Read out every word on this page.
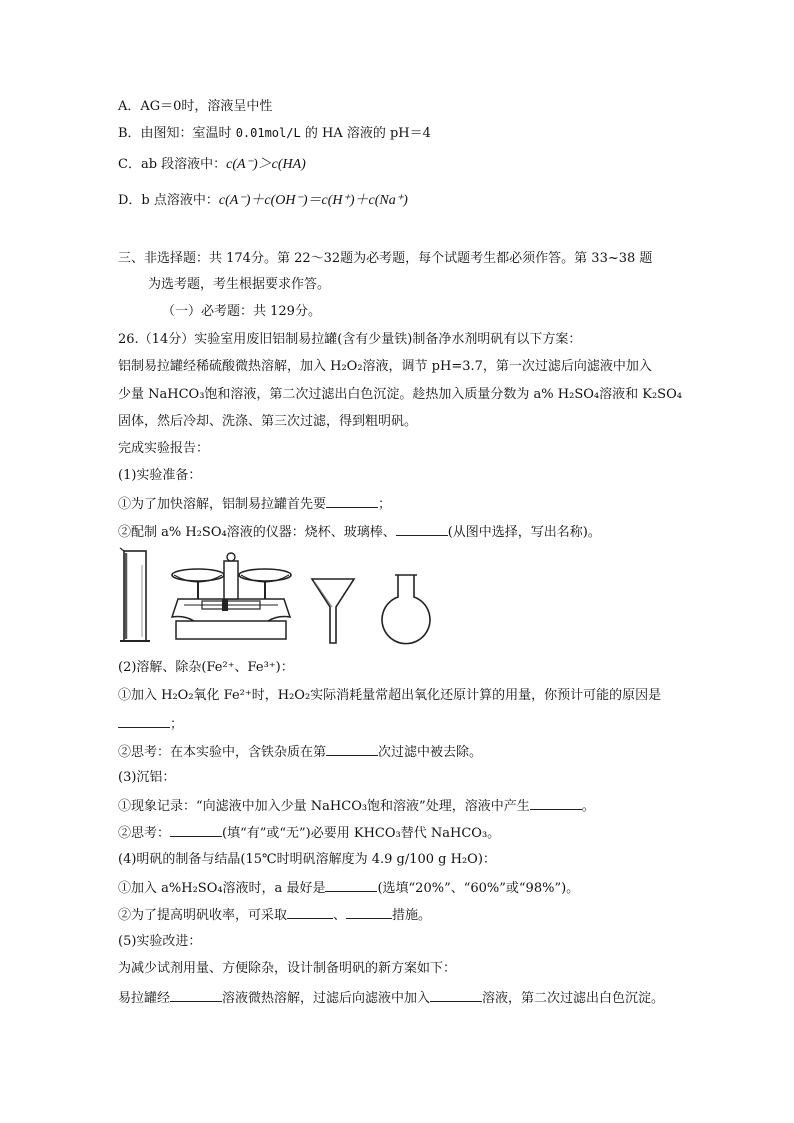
A．AG＝0时，溶液呈中性
B．由图知：室温时 0.01mol/L 的 HA 溶液的 pH＝4
C．ab 段溶液中：c(A⁻)＞c(HA)
D．b 点溶液中：c(A⁻)＋c(OH⁻)＝c(H⁺)＋c(Na⁺)
三、非选择题：共 174分。第 22～32题为必考题，每个试题考生都必须作答。第 33~38 题
为选考题，考生根据要求作答。
（一）必考题：共 129分。
26.（14分）实验室用废旧铝制易拉罐(含有少量铁)制备净水剂明矾有以下方案：
铝制易拉罐经稀硫酸微热溶解，加入 H₂O₂溶液，调节 pH=3.7，第一次过滤后向滤液中加入
少量 NaHCO₃饱和溶液，第二次过滤出白色沉淀。趁热加入质量分数为 a% H₂SO₄溶液和 K₂SO₄
固体，然后冷却、洗涤、第三次过滤，得到粗明矾。
完成实验报告：
(1)实验准备：
①为了加快溶解，铝制易拉罐首先要	；
②配制 a% H₂SO₄溶液的仪器：烧杯、玻璃棒、	(从图中选择，写出名称)。
(2)溶解、除杂(Fe²⁺、Fe³⁺)：
①加入 H₂O₂氧化 Fe²⁺时，H₂O₂实际消耗量常超出氧化还原计算的用量，你预计可能的原因是
；
②思考：在本实验中，含铁杂质在第	次过滤中被去除。
(3)沉铝：
①现象记录：“向滤液中加入少量 NaHCO₃饱和溶液”处理，溶液中产生	。
②思考：	(填“有”或“无”)必要用 KHCO₃替代 NaHCO₃。
(4)明矾的制备与结晶(15℃时明矾溶解度为 4.9 g/100 g H₂O)：
①加入 a%H₂SO₄溶液时，a 最好是	(选填“20%”、“60%”或“98%”)。
②为了提高明矾收率，可采取	、	措施。
(5)实验改进：
为减少试剂用量、方便除杂，设计制备明矾的新方案如下：
易拉罐经	溶液微热溶解，过滤后向滤液中加入	溶液，第二次过滤出白色沉淀。
